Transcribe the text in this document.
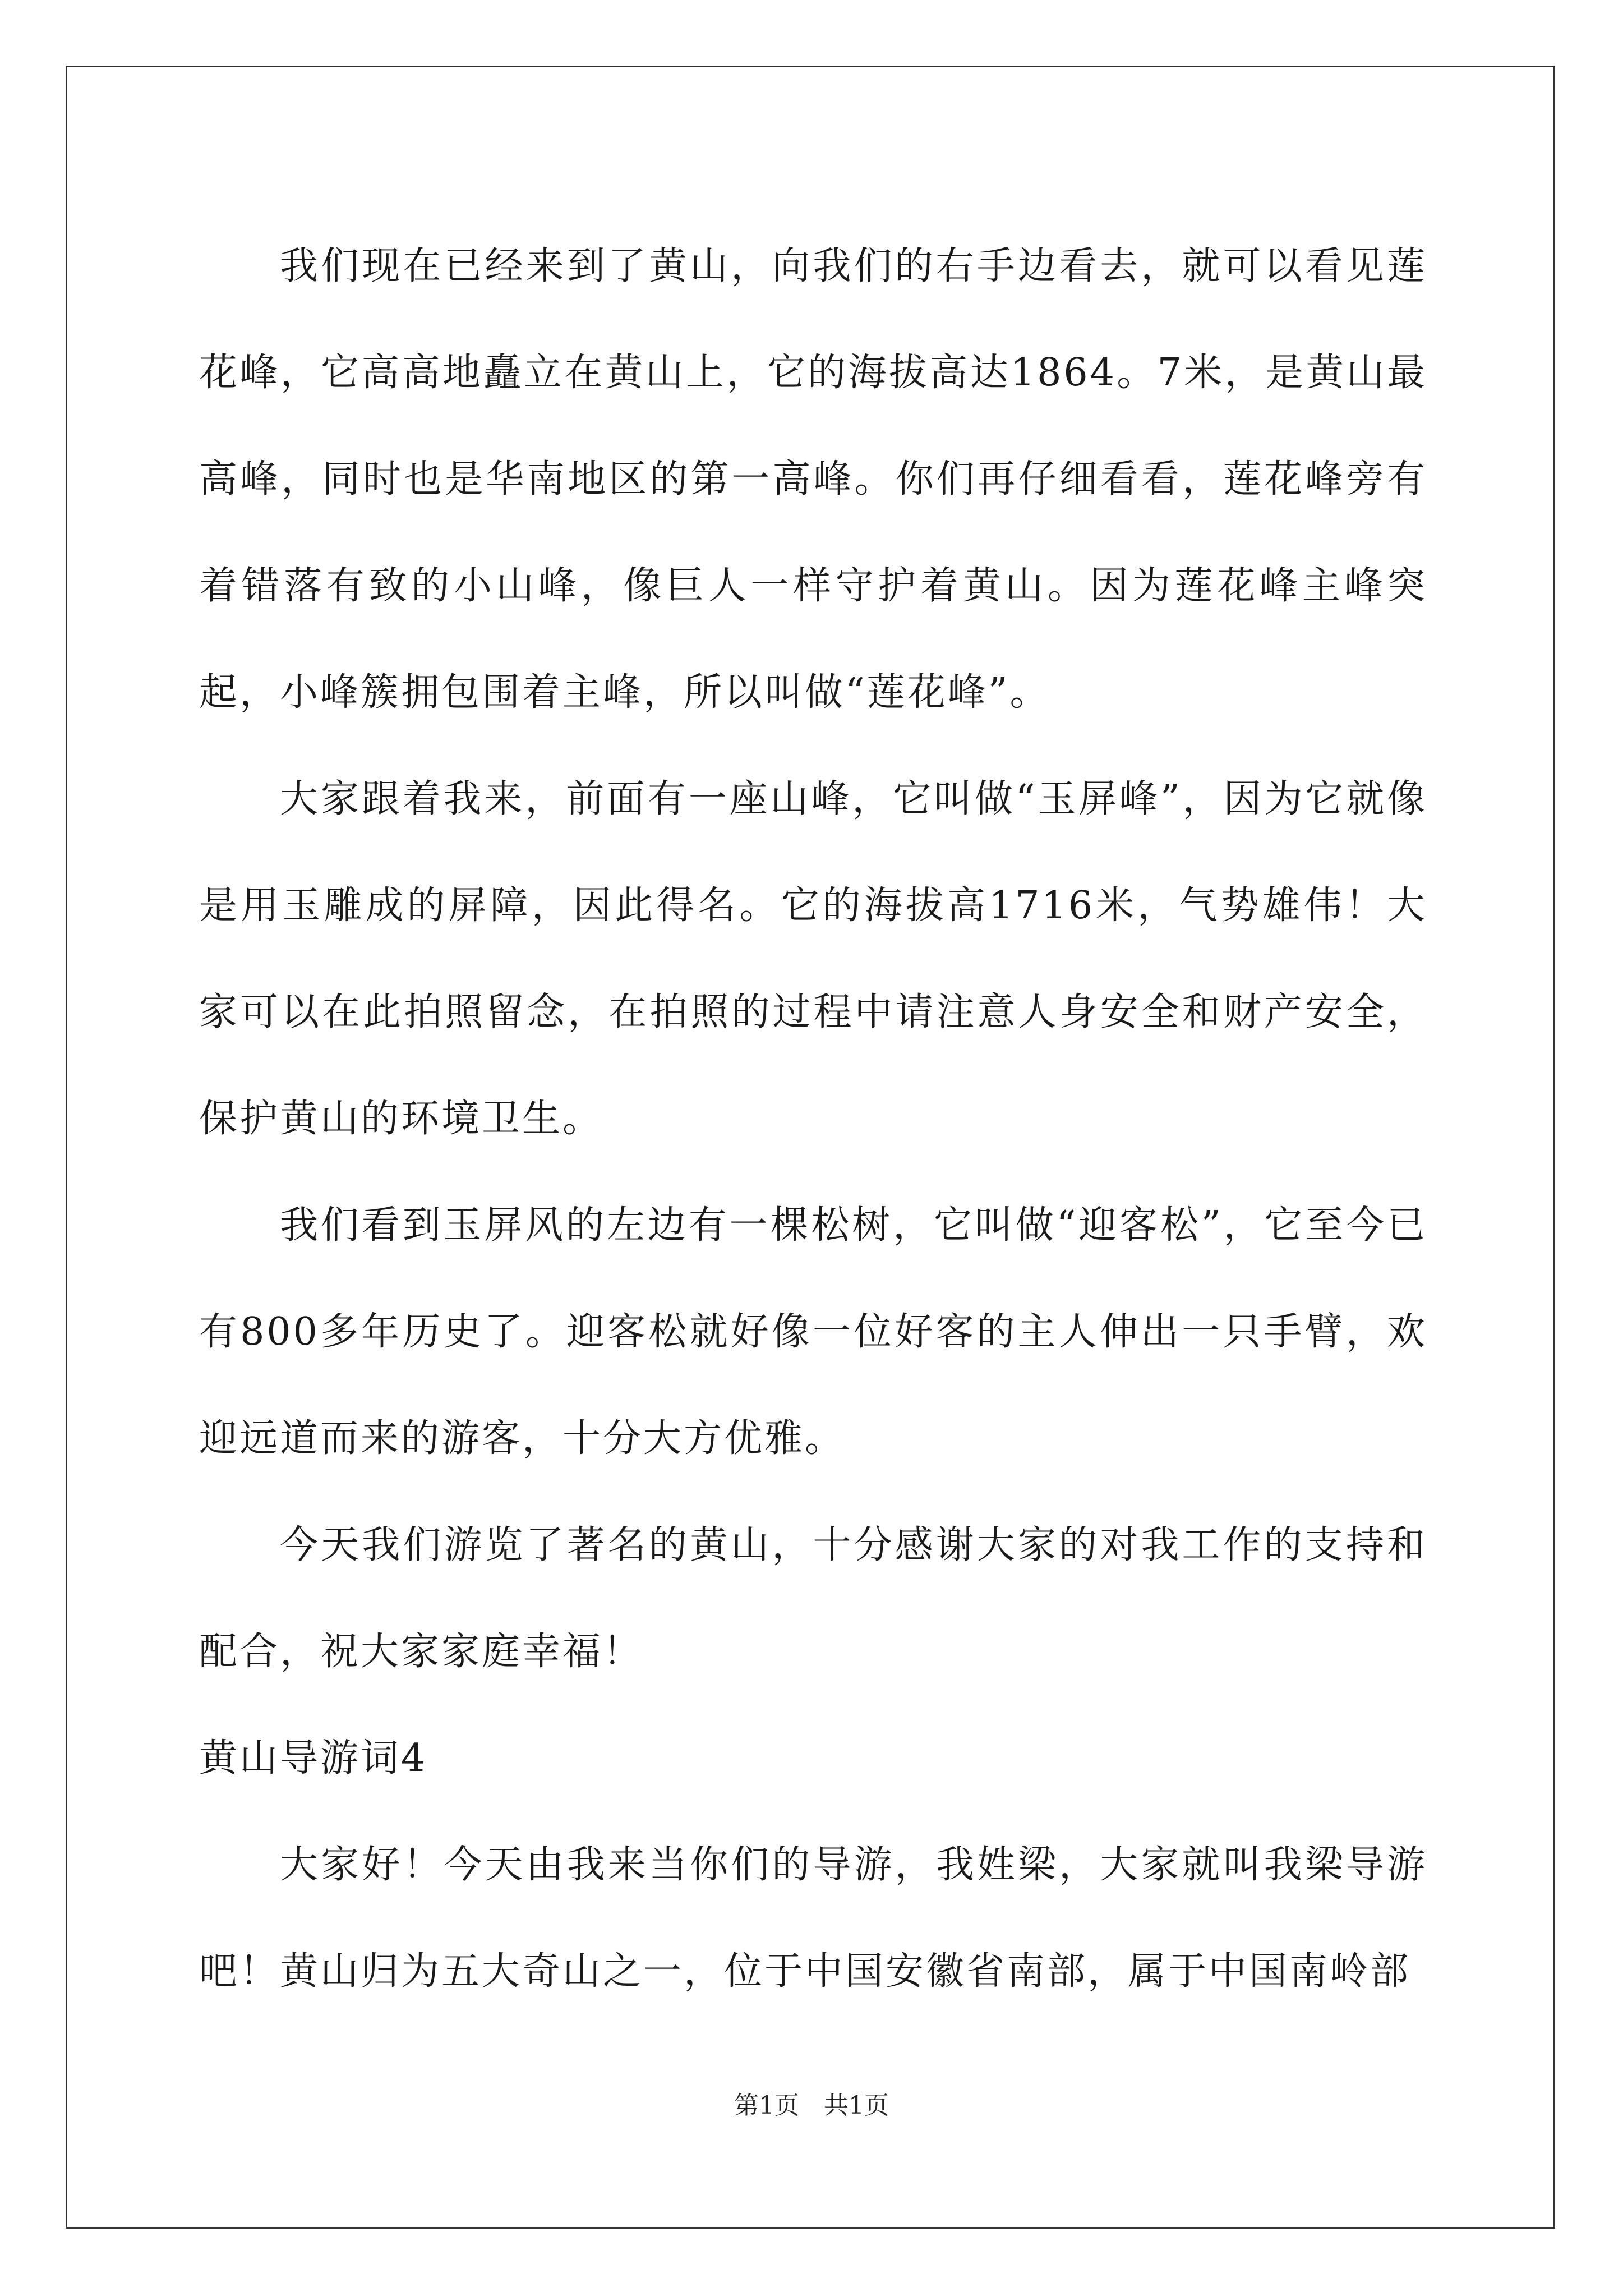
我们现在已经来到了黄山，向我们的右手边看去，就可以看见莲花峰，它高高地矗立在黄山上，它的海拔高达1864。7米，是黄山最高峰，同时也是华南地区的第一高峰。你们再仔细看看，莲花峰旁有着错落有致的小山峰，像巨人一样守护着黄山。因为莲花峰主峰突起，小峰簇拥包围着主峰，所以叫做“莲花峰”。

大家跟着我来，前面有一座山峰，它叫做“玉屏峰”，因为它就像是用玉雕成的屏障，因此得名。它的海拔高1716米，气势雄伟！大家可以在此拍照留念，在拍照的过程中请注意人身安全和财产安全，保护黄山的环境卫生。

我们看到玉屏风的左边有一棵松树，它叫做“迎客松”，它至今已有800多年历史了。迎客松就好像一位好客的主人伸出一只手臂，欢迎远道而来的游客，十分大方优雅。

今天我们游览了著名的黄山，十分感谢大家的对我工作的支持和配合，祝大家家庭幸福！

黄山导游词4

大家好！今天由我来当你们的导游，我姓梁，大家就叫我梁导游吧！黄山归为五大奇山之一，位于中国安徽省南部，属于中国南岭部

第1页　共1页
